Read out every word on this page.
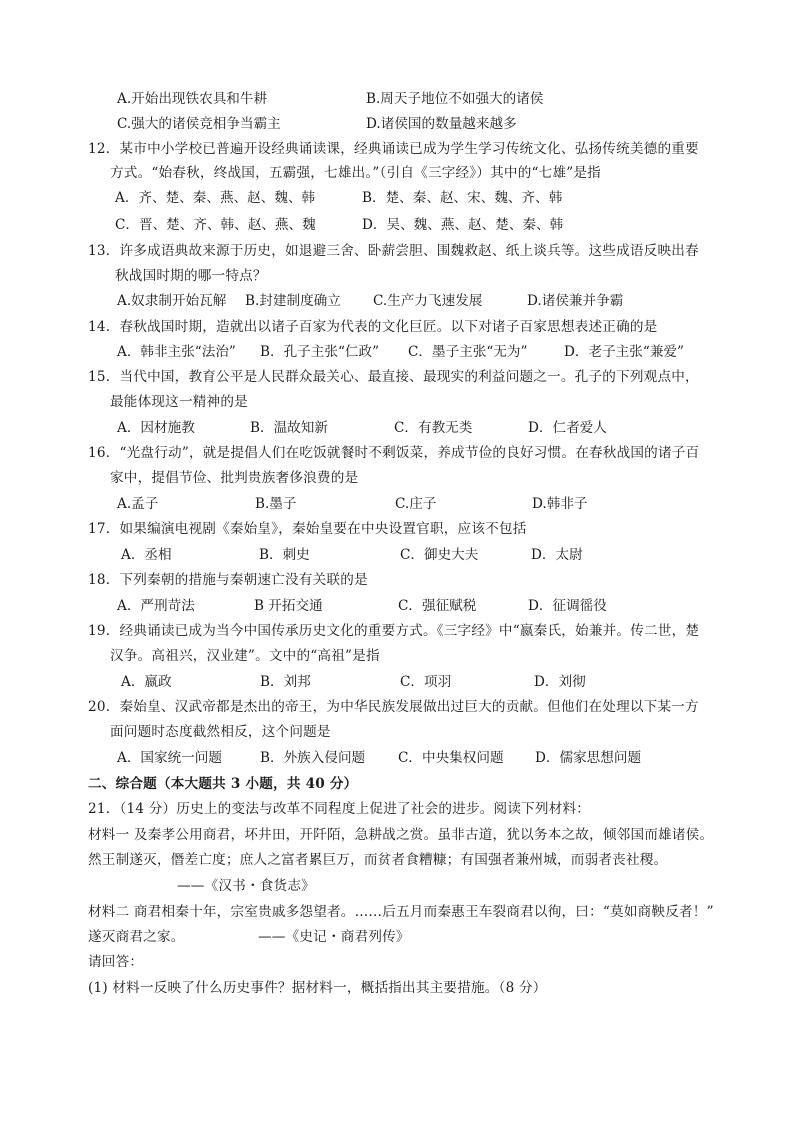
A.开始出现铁农具和牛耕	B.周天子地位不如强大的诸侯
C.强大的诸侯竞相争当霸主	D.诸侯国的数量越来越多
12．某市中小学校已普遍开设经典诵读课，经典诵读已成为学生学习传统文化、弘扬传统美德的重要
方式。“始春秋，终战国，五霸强，七雄出。”（引自《三字经》）其中的“七雄”是指
A．齐、楚、秦、燕、赵、魏、韩	B．楚、秦、赵、宋、魏、齐、韩
C．晋、楚、齐、韩、赵、燕、魏	D．吴、魏、燕、赵、楚、秦、韩
13．许多成语典故来源于历史，如退避三舍、卧薪尝胆、围魏救赵、纸上谈兵等。这些成语反映出春
秋战国时期的哪一特点？
A.奴隶制开始瓦解 B.封建制度确立 C.生产力飞速发展	D.诸侯兼并争霸
14．春秋战国时期，造就出以诸子百家为代表的文化巨匠。以下对诸子百家思想表述正确的是
A．韩非主张“法治” B．孔子主张“仁政” C．墨子主张“无为”	D．老子主张“兼爱”
15．当代中国，教育公平是人民群众最关心、最直接、最现实的利益问题之一。孔子的下列观点中，
最能体现这一精神的是
A．因材施教	B．温故知新	C．有教无类	D．仁者爱人
16．“光盘行动”，就是提倡人们在吃饭就餐时不剩饭菜，养成节俭的良好习惯。在春秋战国的诸子百
家中，提倡节俭、批判贵族奢侈浪费的是
A.孟子	B.墨子	C.庄子	D.韩非子
17．如果编演电视剧《秦始皇》，秦始皇要在中央设置官职，应该不包括
A．丞相	B．刺史	C．御史大夫	D．太尉
18．下列秦朝的措施与秦朝速亡没有关联的是
A．严刑苛法	B 开拓交通	C．强征赋税	D．征调徭役
19．经典诵读已成为当今中国传承历史文化的重要方式。《三字经》中“嬴秦氏，始兼并。传二世，楚
汉争。高祖兴，汉业建”。文中的“高祖”是指
A．嬴政	B．刘邦	C．项羽	D．刘彻
20．秦始皇、汉武帝都是杰出的帝王，为中华民族发展做出过巨大的贡献。但他们在处理以下某一方
面问题时态度截然相反，这个问题是
A．国家统一问题	B．外族入侵问题 C．中央集权问题 D．儒家思想问题
二、综合题（本大题共 3 小题，共 40 分）
21．（14 分）历史上的变法与改革不同程度上促进了社会的进步。阅读下列材料：
材料一 及秦孝公用商君，坏井田，开阡陌，急耕战之赏。虽非古道，犹以务本之故，倾邻国而雄诸侯。
然王制遂灭，僭差亡度；庶人之富者累巨万，而贫者食糟糠；有国强者兼州城，而弱者丧社稷。
——《汉书・食货志》
材料二 商君相秦十年，宗室贵戚多怨望者。……后五月而秦惠王车裂商君以徇，曰：“莫如商鞅反者！”
遂灭商君之家。	——《史记・商君列传》
请回答：
(1) 材料一反映了什么历史事件？据材料一，概括指出其主要措施。（8 分）
